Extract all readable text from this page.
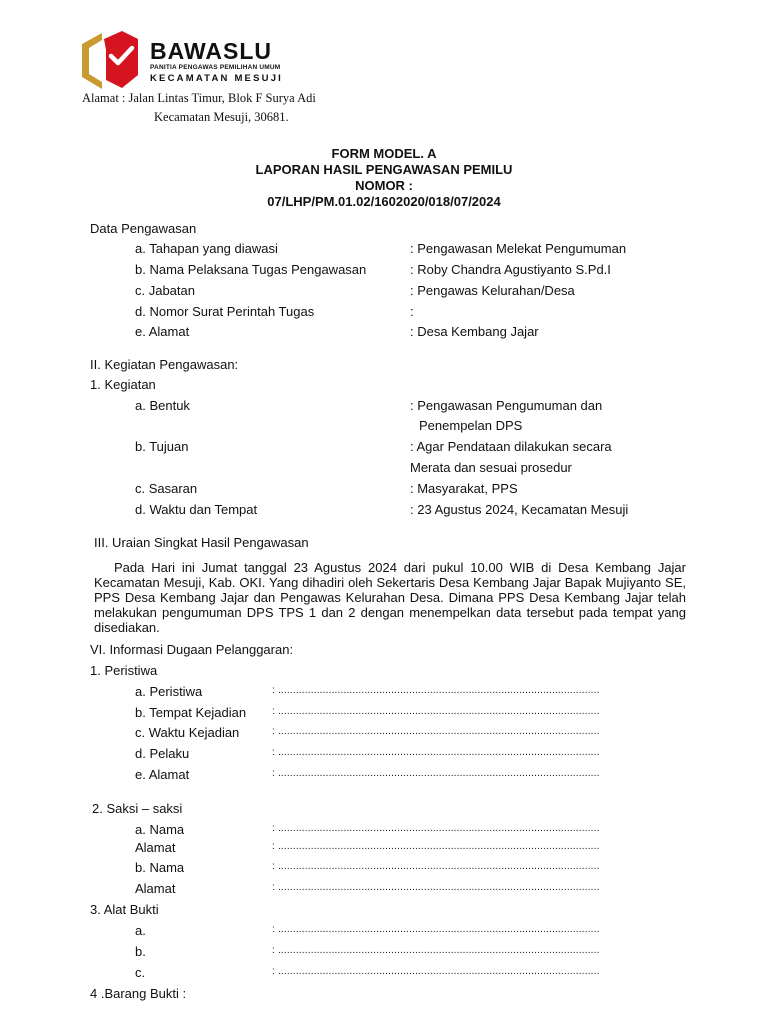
BAWASLU
PANITIA PENGAWAS PEMILIHAN UMUM
KECAMATAN MESUJI
Alamat : Jalan Lintas Timur, Blok F Surya Adi
Kecamatan Mesuji, 30681.
FORM MODEL. A
LAPORAN HASIL PENGAWASAN PEMILU
NOMOR :
07/LHP/PM.01.02/1602020/018/07/2024
Data Pengawasan
a. Tahapan yang diawasi	: Pengawasan Melekat Pengumuman
b. Nama Pelaksana Tugas Pengawasan	: Roby Chandra Agustiyanto S.Pd.I
c. Jabatan	: Pengawas Kelurahan/Desa
d. Nomor Surat Perintah Tugas	:
e. Alamat	: Desa Kembang Jajar
II. Kegiatan Pengawasan:
1. Kegiatan
a. Bentuk	: Pengawasan Pengumuman dan
Penempelan DPS
b. Tujuan	: Agar Pendataan dilakukan secara
Merata dan sesuai prosedur
c. Sasaran	: Masyarakat, PPS
d. Waktu dan Tempat	: 23 Agustus 2024, Kecamatan Mesuji
III. Uraian Singkat Hasil Pengawasan
Pada Hari ini Jumat tanggal 23 Agustus 2024 dari pukul 10.00 WIB di Desa Kembang Jajar Kecamatan Mesuji, Kab. OKI. Yang dihadiri oleh Sekertaris Desa Kembang Jajar Bapak Mujiyanto SE, PPS Desa Kembang Jajar dan Pengawas Kelurahan Desa. Dimana PPS Desa Kembang Jajar telah melakukan pengumuman DPS TPS 1 dan 2 dengan menempelkan data tersebut pada tempat yang disediakan.
VI. Informasi Dugaan Pelanggaran:
1. Peristiwa
a. Peristiwa	: ............................................................................................................
b. Tempat Kejadian	: ............................................................................................................
c. Waktu Kejadian	: ............................................................................................................
d. Pelaku	: ............................................................................................................
e. Alamat	: ............................................................................................................
2. Saksi – saksi
a. Nama	: ............................................................................................................
Alamat	: ............................................................................................................
b. Nama	: ............................................................................................................
Alamat	: ............................................................................................................
3. Alat Bukti
a.	: ............................................................................................................
b.	: ............................................................................................................
c.	: ............................................................................................................
4 .Barang Bukti :
